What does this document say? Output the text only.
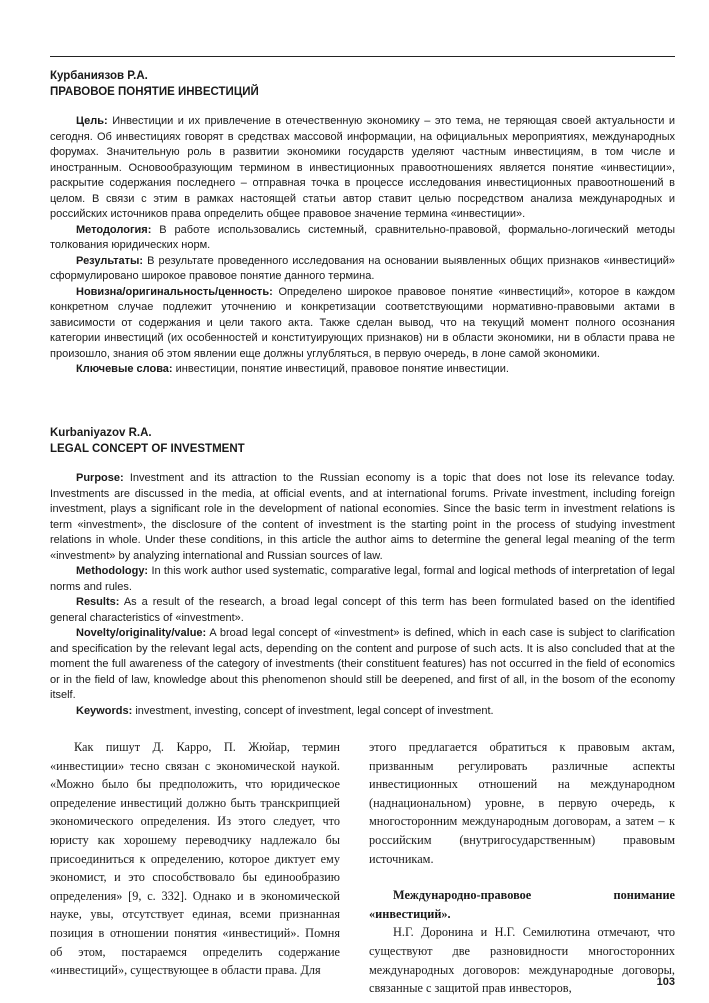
Курбаниязов Р.А.

ПРАВОВОЕ ПОНЯТИЕ ИНВЕСТИЦИЙ

Цель: Инвестиции и их привлечение в отечественную экономику – это тема, не теряющая своей актуальности и сегодня. Об инвестициях говорят в средствах массовой информации, на официальных мероприятиях, международных форумах. Значительную роль в развитии экономики государств уделяют частным инвестициям, в том числе и иностранным. Основообразующим термином в инвестиционных правоотношениях является понятие «инвестиции», раскрытие содержания последнего – отправная точка в процессе исследования инвестиционных правоотношений в целом. В связи с этим в рамках настоящей статьи автор ставит целью посредством анализа международных и российских источников права определить общее правовое значение термина «инвестиции».

Методология: В работе использовались системный, сравнительно-правовой, формально-логический методы толкования юридических норм.

Результаты: В результате проведенного исследования на основании выявленных общих признаков «инвестиций» сформулировано широкое правовое понятие данного термина.

Новизна/оригинальность/ценность: Определено широкое правовое понятие «инвестиций», которое в каждом конкретном случае подлежит уточнению и конкретизации соответствующими нормативно-правовыми актами в зависимости от содержания и цели такого акта. Также сделан вывод, что на текущий момент полного осознания категории инвестиций (их особенностей и конституирующих признаков) ни в области экономики, ни в области права не произошло, знания об этом явлении еще должны углубляться, в первую очередь, в лоне самой экономики.

Ключевые слова: инвестиции, понятие инвестиций, правовое понятие инвестиции.

Kurbaniyazov R.A.

LEGAL CONCEPT OF INVESTMENT

Purpose: Investment and its attraction to the Russian economy is a topic that does not lose its relevance today. Investments are discussed in the media, at official events, and at international forums. Private investment, including foreign investment, plays a significant role in the development of national economies. Since the basic term in investment relations is term «investment», the disclosure of the content of investment is the starting point in the process of studying investment relations in whole. Under these conditions, in this article the author aims to determine the general legal meaning of the term «investment» by analyzing international and Russian sources of law.

Methodology: In this work author used systematic, comparative legal, formal and logical methods of interpretation of legal norms and rules.

Results: As a result of the research, a broad legal concept of this term has been formulated based on the identified general characteristics of «investment».

Novelty/originality/value: A broad legal concept of «investment» is defined, which in each case is subject to clarification and specification by the relevant legal acts, depending on the content and purpose of such acts. It is also concluded that at the moment the full awareness of the category of investments (their constituent features) has not occurred in the field of economics or in the field of law, knowledge about this phenomenon should still be deepened, and first of all, in the bosom of the economy itself.

Keywords: investment, investing, concept of investment, legal concept of investment.

Как пишут Д. Карро, П. Жюйар, термин «инвестиции» тесно связан с экономической наукой. «Можно было бы предположить, что юридическое определение инвестиций должно быть транскрипцией экономического определения. Из этого следует, что юристу как хорошему переводчику надлежало бы присоединиться к определению, которое диктует ему экономист, и это способствовало бы единообразию определения» [9, с. 332]. Однако и в экономической науке, увы, отсутствует единая, всеми признанная позиция в отношении понятия «инвестиций». Помня об этом, постараемся определить содержание «инвестиций», существующее в области права. Для

этого предлагается обратиться к правовым актам, призванным регулировать различные аспекты инвестиционных отношений на международном (наднациональном) уровне, в первую очередь, к многосторонним международным договорам, а затем – к российским (внутригосударственным) правовым источникам.

Международно-правовое понимание «инвестиций».

Н.Г. Доронина и Н.Г. Семилютина отмечают, что существуют две разновидности многосторонних международных договоров: международные договоры, связанные с защитой прав инвесторов,	103
